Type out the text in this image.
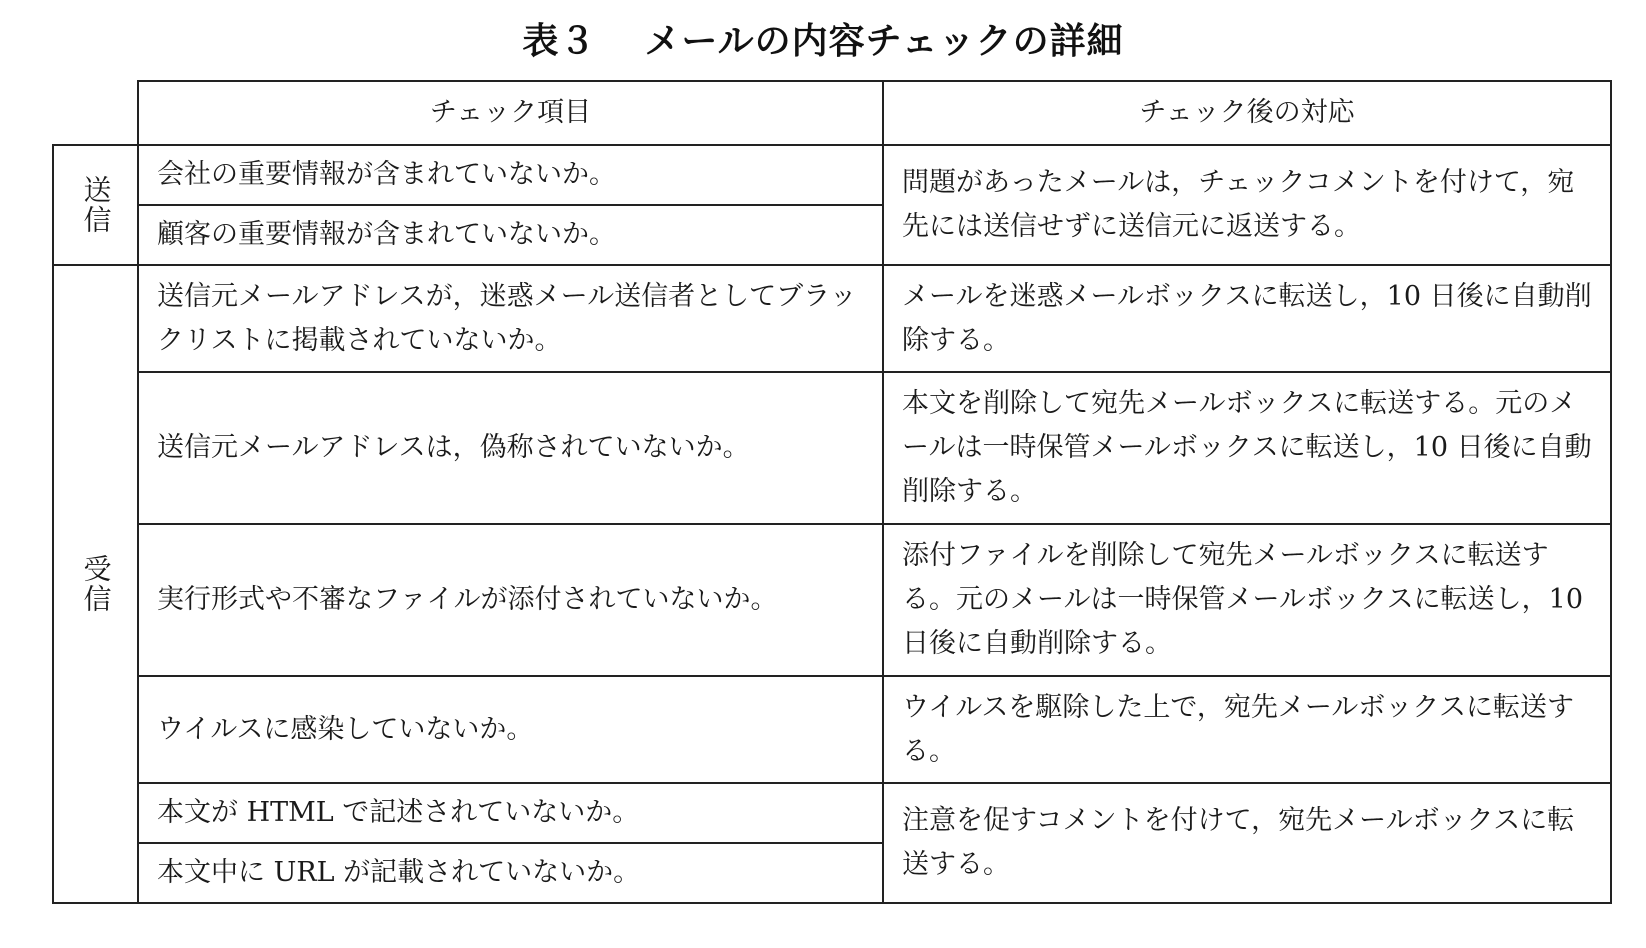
表３ メールの内容チェックの詳細
	チェック項目	チェック後の対応

送信	会社の重要情報が含まれていないか。	問題があったメールは，チェックコメントを付けて，宛先には送信せずに送信元に返送する。
	顧客の重要情報が含まれていないか。	

受信	送信元メールアドレスが，迷惑メール送信者としてブラックリストに掲載されていないか。	メールを迷惑メールボックスに転送し，10 日後に自動削除する。
	送信元メールアドレスは，偽称されていないか。	本文を削除して宛先メールボックスに転送する。元のメールは一時保管メールボックスに転送し，10 日後に自動削除する。
	実行形式や不審なファイルが添付されていないか。	添付ファイルを削除して宛先メールボックスに転送する。元のメールは一時保管メールボックスに転送し，10 日後に自動削除する。
	ウイルスに感染していないか。	ウイルスを駆除した上で，宛先メールボックスに転送する。
	本文が HTML で記述されていないか。	注意を促すコメントを付けて，宛先メールボックスに転送する。
	本文中に URL が記載されていないか。	
